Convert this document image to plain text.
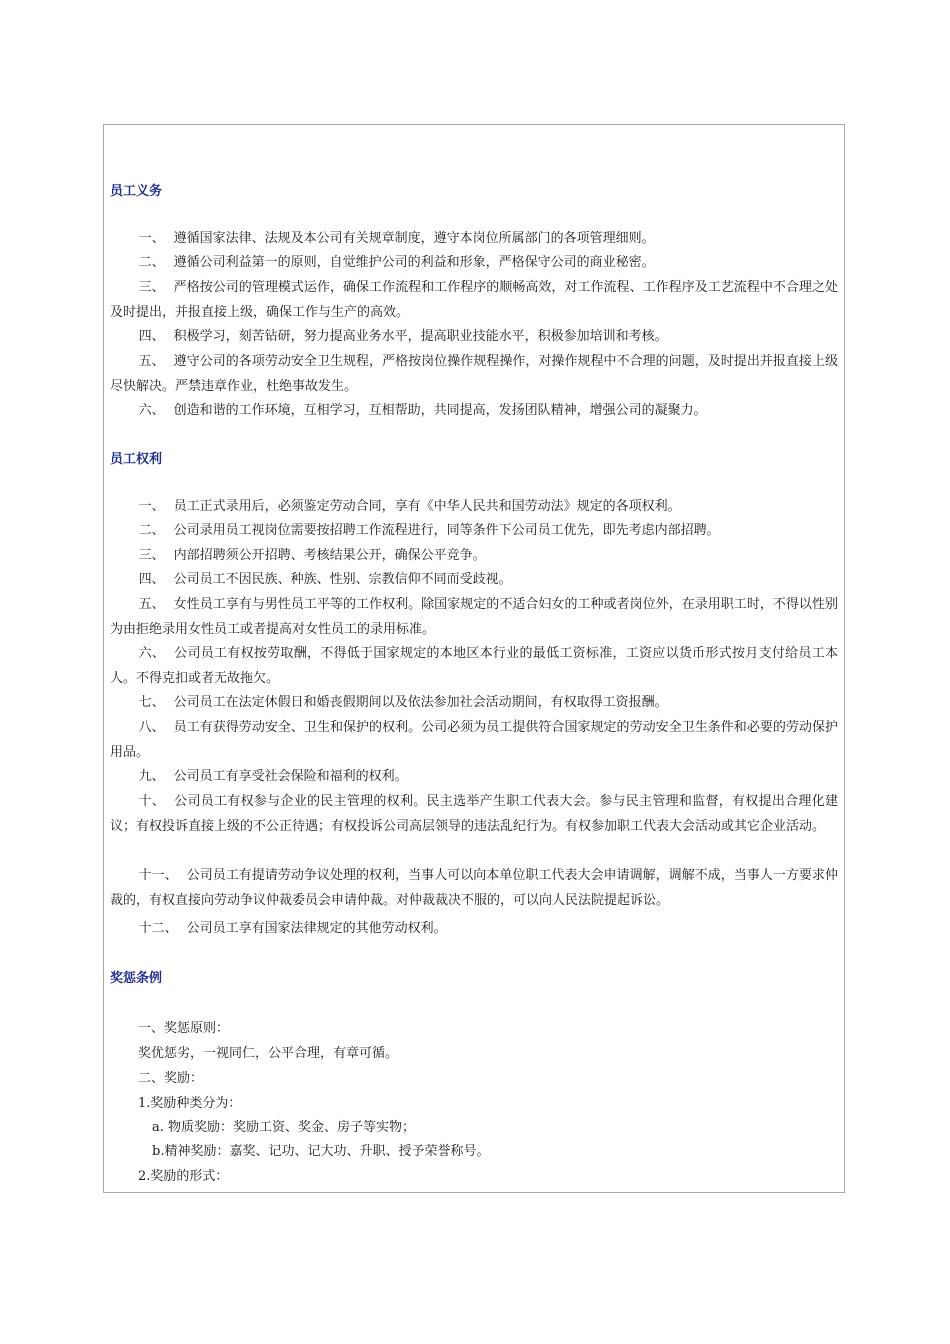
员工义务
一、 遵循国家法律、法规及本公司有关规章制度，遵守本岗位所属部门的各项管理细则。
二、 遵循公司利益第一的原则，自觉维护公司的利益和形象，严格保守公司的商业秘密。
三、 严格按公司的管理模式运作，确保工作流程和工作程序的顺畅高效，对工作流程、工作程序及工艺流程中不合理之处及时提出，并报直接上级，确保工作与生产的高效。
四、 积极学习，刻苦钻研，努力提高业务水平，提高职业技能水平，积极参加培训和考核。
五、 遵守公司的各项劳动安全卫生规程，严格按岗位操作规程操作，对操作规程中不合理的问题，及时提出并报直接上级尽快解决。严禁违章作业，杜绝事故发生。
六、 创造和谐的工作环境，互相学习，互相帮助，共同提高，发扬团队精神，增强公司的凝聚力。
员工权利
一、 员工正式录用后，必须鉴定劳动合同，享有《中华人民共和国劳动法》规定的各项权利。
二、 公司录用员工视岗位需要按招聘工作流程进行，同等条件下公司员工优先，即先考虑内部招聘。
三、 内部招聘须公开招聘、考核结果公开，确保公平竞争。
四、 公司员工不因民族、种族、性别、宗教信仰不同而受歧视。
五、 女性员工享有与男性员工平等的工作权利。除国家规定的不适合妇女的工种或者岗位外，在录用职工时，不得以性别为由拒绝录用女性员工或者提高对女性员工的录用标准。
六、 公司员工有权按劳取酬，不得低于国家规定的本地区本行业的最低工资标准，工资应以货币形式按月支付给员工本人。不得克扣或者无故拖欠。
七、 公司员工在法定休假日和婚丧假期间以及依法参加社会活动期间，有权取得工资报酬。
八、 员工有获得劳动安全、卫生和保护的权利。公司必须为员工提供符合国家规定的劳动安全卫生条件和必要的劳动保护用品。
九、 公司员工有享受社会保险和福利的权利。
十、 公司员工有权参与企业的民主管理的权利。民主选举产生职工代表大会。参与民主管理和监督，有权提出合理化建议；有权投诉直接上级的不公正待遇；有权投诉公司高层领导的违法乱纪行为。有权参加职工代表大会活动或其它企业活动。
十一、 公司员工有提请劳动争议处理的权利，当事人可以向本单位职工代表大会申请调解，调解不成，当事人一方要求仲裁的，有权直接向劳动争议仲裁委员会申请仲裁。对仲裁裁决不服的，可以向人民法院提起诉讼。
十二、 公司员工享有国家法律规定的其他劳动权利。
奖惩条例
一、奖惩原则：
奖优惩劣，一视同仁，公平合理，有章可循。
二、奖励：
1.奖励种类分为：
a. 物质奖励：奖励工资、奖金、房子等实物；
b.精神奖励：嘉奖、记功、记大功、升职、授予荣誉称号。
2.奖励的形式：
